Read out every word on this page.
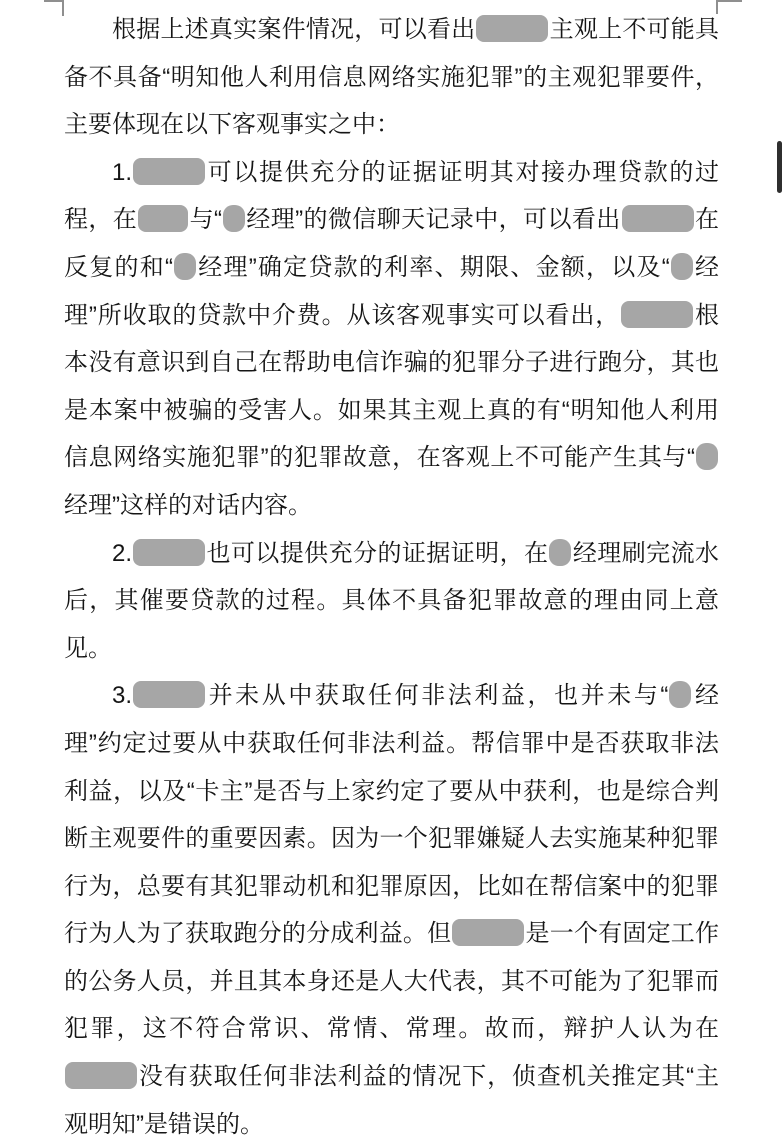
根据上述真实案件情况，可以看出	主观上不可能具备不具备“明知他人利用信息网络实施犯罪”的主观犯罪要件，主要体现在以下客观事实之中：

1.	可以提供充分的证据证明其对接办理贷款的过程，在 与“ 经理”的微信聊天记录中，可以看出	在反复的和“ 经理”确定贷款的利率、期限、金额，以及“ 经理”所收取的贷款中介费。从该客观事实可以看出，	根本没有意识到自己在帮助电信诈骗的犯罪分子进行跑分，其也是本案中被骗的受害人。如果其主观上真的有“明知他人利用信息网络实施犯罪”的犯罪故意，在客观上不可能产生其与“经理”这样的对话内容。

2.	也可以提供充分的证据证明，在 经理刷完流水后，其催要贷款的过程。具体不具备犯罪故意的理由同上意见。

3.	并未从中获取任何非法利益，也并未与“ 经理”约定过要从中获取任何非法利益。帮信罪中是否获取非法利益，以及“卡主”是否与上家约定了要从中获利，也是综合判断主观要件的重要因素。因为一个犯罪嫌疑人去实施某种犯罪行为，总要有其犯罪动机和犯罪原因，比如在帮信案中的犯罪行为人为了获取跑分的分成利益。但	是一个有固定工作的公务人员，并且其本身还是人大代表，其不可能为了犯罪而犯罪，这不符合常识、常情、常理。故而，辩护人认为在没有获取任何非法利益的情况下，侦查机关推定其“主观明知”是错误的。
